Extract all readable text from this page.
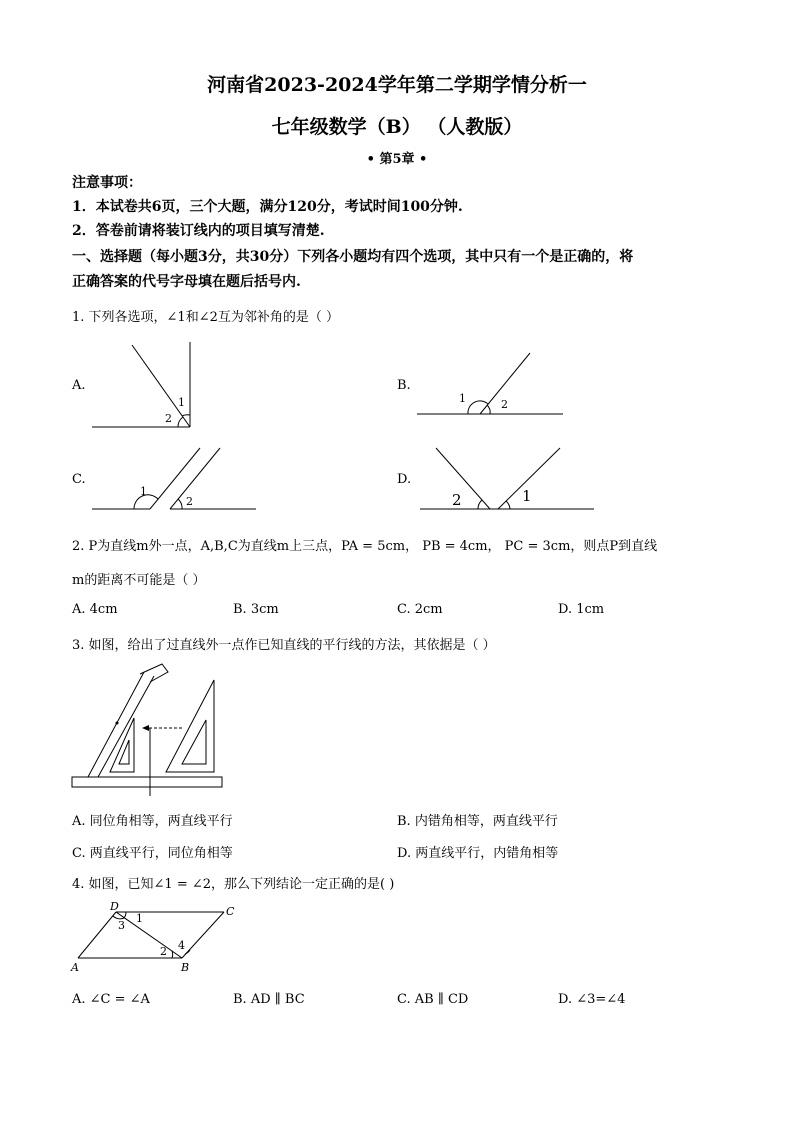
河南省2023-2024学年第二学期学情分析一
七年级数学（B） （人教版）
• 第5章 •
注意事项：
1．本试卷共6页，三个大题，满分120分，考试时间100分钟.
2．答卷前请将装订线内的项目填写清楚.
一、选择题（每小题3分，共30分）下列各小题均有四个选项，其中只有一个是正确的，将
正确答案的代号字母填在题后括号内.
1. 下列各选项，∠1和∠2互为邻补角的是（ ）
A.
1
2
B.
1	2
C.
1
2
D.
2	1
2. P为直线m外一点，A,B,C为直线m上三点，PA = 5cm， PB = 4cm， PC = 3cm，则点P到直线
m的距离不可能是（ ）
A. 4cm	B. 3cm	C. 2cm	D. 1cm
3. 如图，给出了过直线外一点作已知直线的平行线的方法，其依据是（ ）
A. 同位角相等，两直线平行	B. 内错角相等，两直线平行
C. 两直线平行，同位角相等	D. 两直线平行，内错角相等
4. 如图，已知∠1 = ∠2，那么下列结论一定正确的是( )
A	B
C
D
1
2
3
4
A. ∠C = ∠A	B. AD ∥ BC	C. AB ∥ CD	D. ∠3=∠4
